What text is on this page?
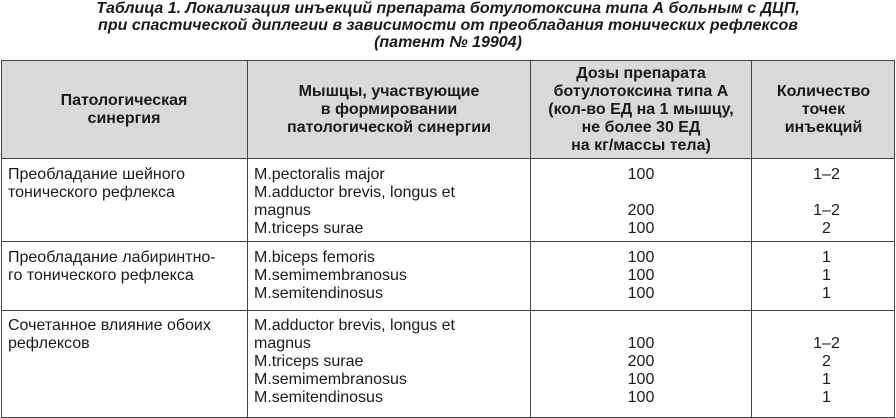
Таблица 1. Локализация инъекций препарата ботулотоксина типа А больным с ДЦП,
при спастической диплегии в зависимости от преобладания тонических рефлексов
(патент № 19904)
Патологическая
синергия
Мышцы, участвующие
в формировании
патологической синергии
Дозы препарата
ботулотоксина типа А
(кол-во ЕД на 1 мышцу,
не более 30 ЕД
на кг/массы тела)
Количество
точек
инъекций
Преобладание шейного
тонического рефлекса
M.pectoralis major
M.adductor brevis, longus et
magnus
M.triceps surae
100
200
100
1–2
1–2
2
Преобладание лабиринтно-
го тонического рефлекса
M.biceps femoris
M.semimembranosus
M.semitendinosus
100
100
100
1
1
1
Сочетанное влияние обоих
рефлексов
M.adductor brevis, longus et
magnus
M.triceps surae
M.semimembranosus
M.semitendinosus
100
200
100
100
1–2
2
1
1
